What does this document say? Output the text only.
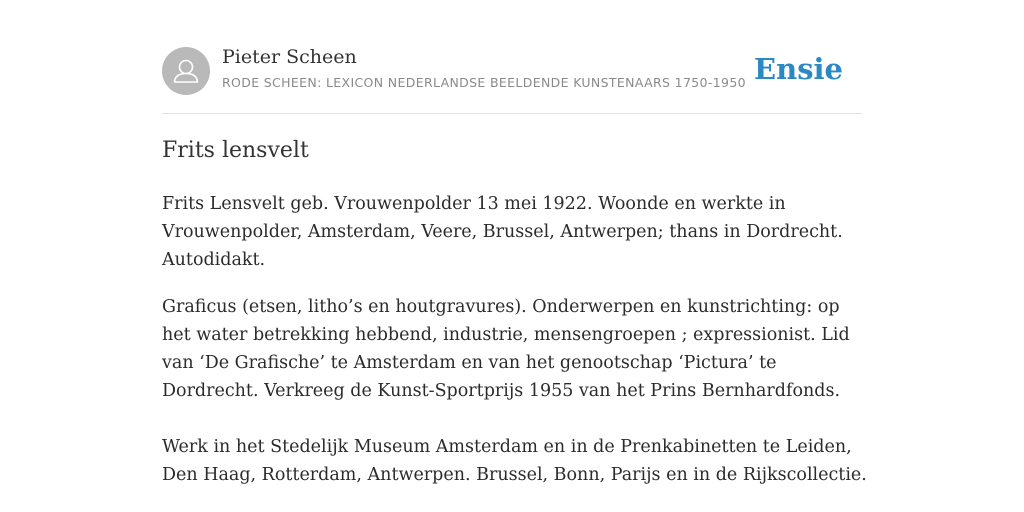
Pieter Scheen
RODE SCHEEN: LEXICON NEDERLANDSE BEELDENDE KUNSTENAARS 1750-1950 Ensie
Frits lensvelt

Frits Lensvelt geb. Vrouwenpolder 13 mei 1922. Woonde en werkte in Vrouwenpolder, Amsterdam, Veere, Brussel, Antwerpen; thans in Dordrecht. Autodidakt.

Graficus (etsen, litho’s en houtgravures). Onderwerpen en kunstrichting: op het water betrekking hebbend, industrie, mensengroepen ; expressionist. Lid van ‘De Grafische’ te Amsterdam en van het genootschap ‘Pictura’ te Dordrecht. Verkreeg de Kunst-Sportprijs 1955 van het Prins Bernhardfonds.

Werk in het Stedelijk Museum Amsterdam en in de Prenkabinetten te Leiden, Den Haag, Rotterdam, Antwerpen. Brussel, Bonn, Parijs en in de Rijkscollectie.
